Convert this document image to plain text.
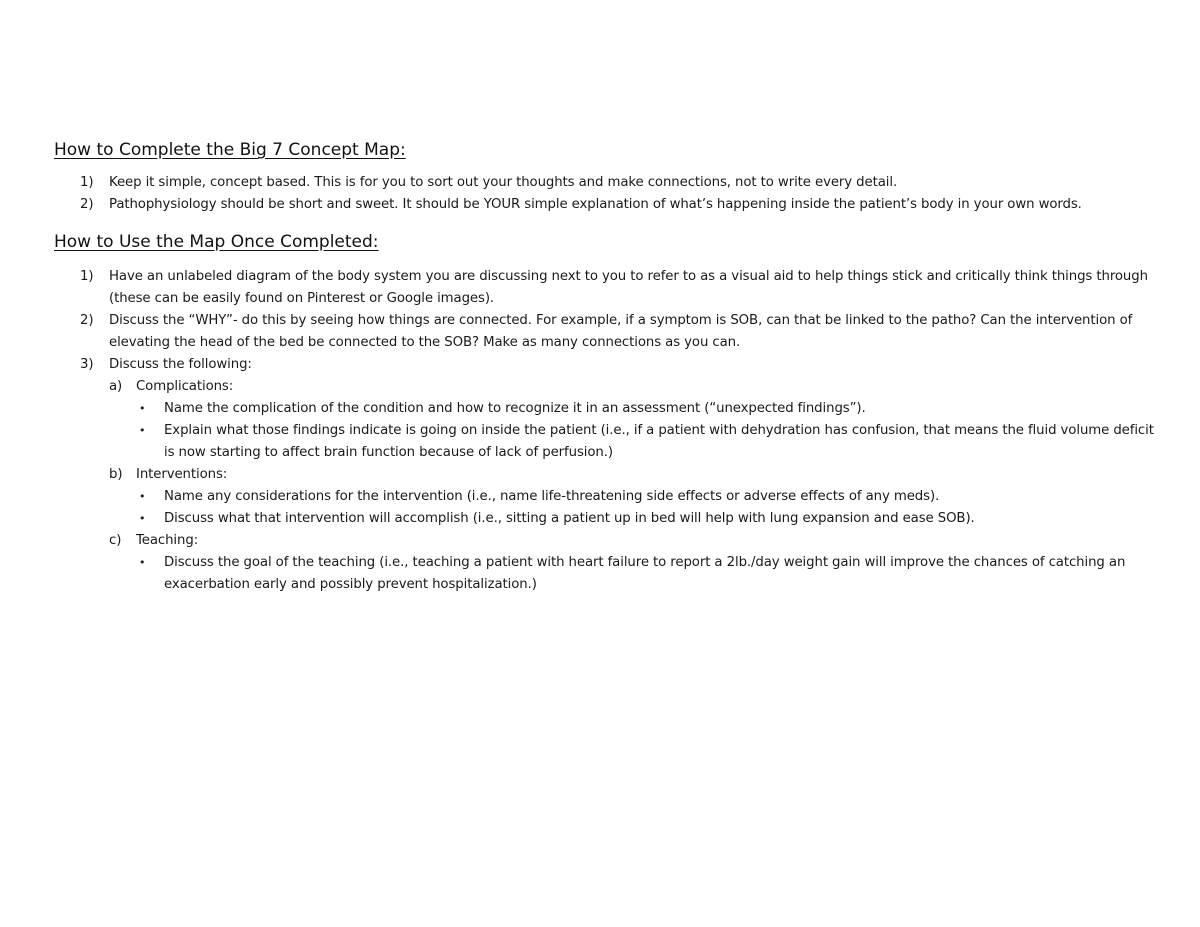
How to Complete the Big 7 Concept Map:
1) Keep it simple, concept based. This is for you to sort out your thoughts and make connections, not to write every detail.
2) Pathophysiology should be short and sweet. It should be YOUR simple explanation of what’s happening inside the patient’s body in your own words.
How to Use the Map Once Completed:
1) Have an unlabeled diagram of the body system you are discussing next to you to refer to as a visual aid to help things stick and critically think things through (these can be easily found on Pinterest or Google images).
2) Discuss the “WHY”- do this by seeing how things are connected. For example, if a symptom is SOB, can that be linked to the patho? Can the intervention of elevating the head of the bed be connected to the SOB? Make as many connections as you can.
3) Discuss the following:
a) Complications:
• Name the complication of the condition and how to recognize it in an assessment (“unexpected findings”).
• Explain what those findings indicate is going on inside the patient (i.e., if a patient with dehydration has confusion, that means the fluid volume deficit is now starting to affect brain function because of lack of perfusion.)
b) Interventions:
• Name any considerations for the intervention (i.e., name life-threatening side effects or adverse effects of any meds).
• Discuss what that intervention will accomplish (i.e., sitting a patient up in bed will help with lung expansion and ease SOB).
c) Teaching:
• Discuss the goal of the teaching (i.e., teaching a patient with heart failure to report a 2lb./day weight gain will improve the chances of catching an exacerbation early and possibly prevent hospitalization.)
